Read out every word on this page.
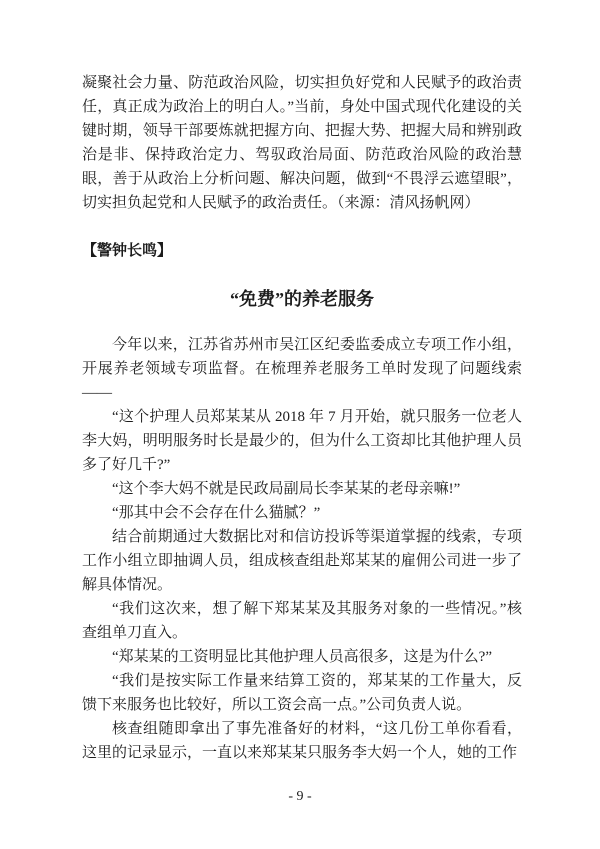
凝聚社会力量、防范政治风险，切实担负好党和人民赋予的政治责任，真正成为政治上的明白人。”当前，身处中国式现代化建设的关键时期，领导干部要炼就把握方向、把握大势、把握大局和辨别政治是非、保持政治定力、驾驭政治局面、防范政治风险的政治慧眼，善于从政治上分析问题、解决问题，做到“不畏浮云遮望眼”，切实担负起党和人民赋予的政治责任。（来源：清风扬帆网）

【警钟长鸣】

“免费”的养老服务

今年以来，江苏省苏州市吴江区纪委监委成立专项工作小组，开展养老领域专项监督。在梳理养老服务工单时发现了问题线索——

“这个护理人员郑某某从 2018 年 7 月开始，就只服务一位老人李大妈，明明服务时长是最少的，但为什么工资却比其他护理人员多了好几千?”

“这个李大妈不就是民政局副局长李某某的老母亲嘛!”

“那其中会不会存在什么猫腻？”

结合前期通过大数据比对和信访投诉等渠道掌握的线索，专项工作小组立即抽调人员，组成核查组赴郑某某的雇佣公司进一步了解具体情况。

“我们这次来，想了解下郑某某及其服务对象的一些情况。”核查组单刀直入。

“郑某某的工资明显比其他护理人员高很多，这是为什么?”

“我们是按实际工作量来结算工资的，郑某某的工作量大，反馈下来服务也比较好，所以工资会高一点。”公司负责人说。

核查组随即拿出了事先准备好的材料，“这几份工单你看看，这里的记录显示，一直以来郑某某只服务李大妈一个人，她的工作

- 9 -
